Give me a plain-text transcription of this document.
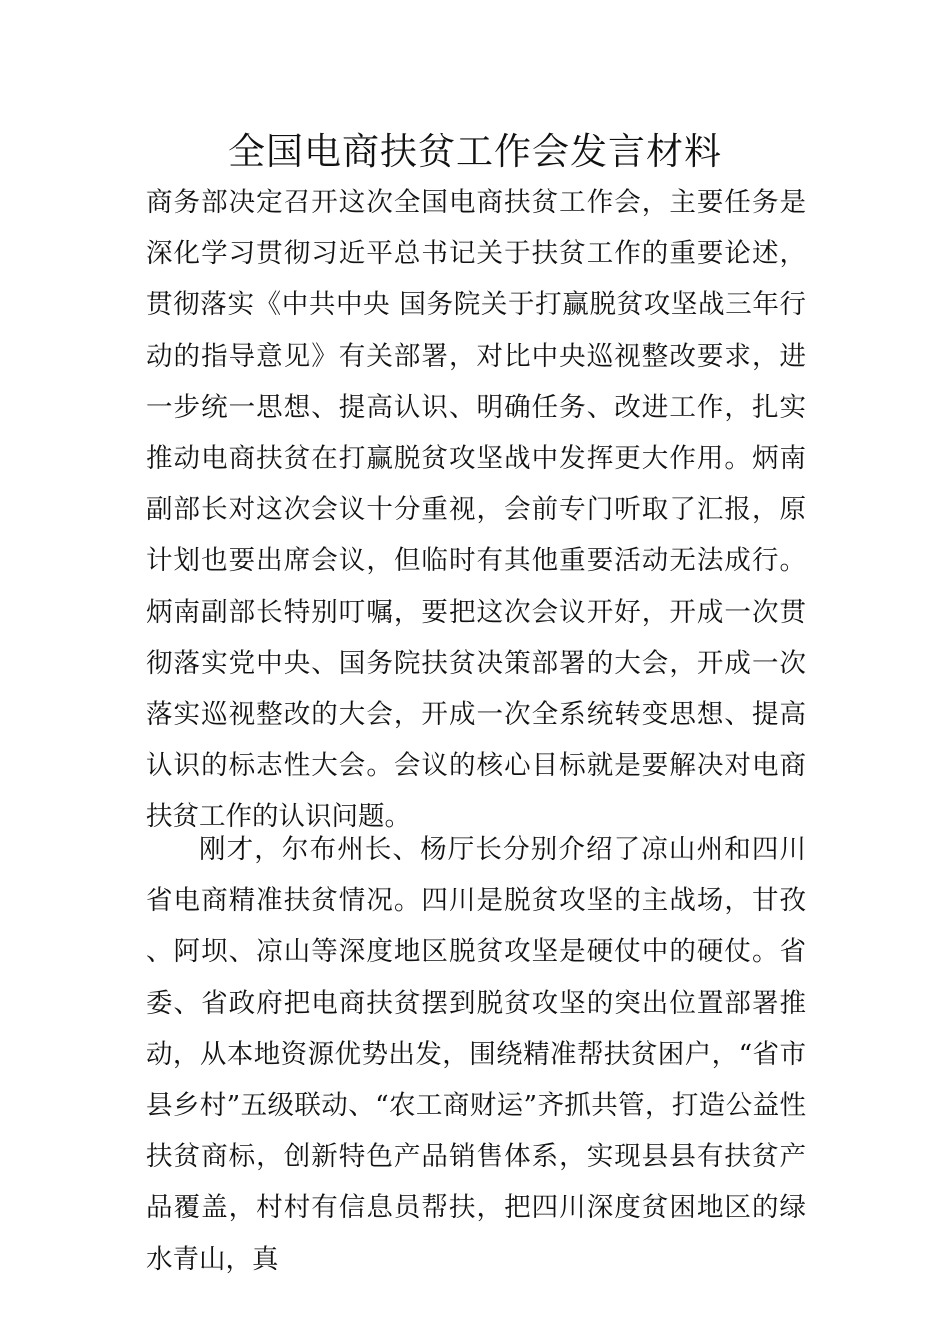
全国电商扶贫工作会发言材料

商务部决定召开这次全国电商扶贫工作会，主要任务是深化学习贯彻习近平总书记关于扶贫工作的重要论述，贯彻落实《中共中央 国务院关于打赢脱贫攻坚战三年行动的指导意见》有关部署，对比中央巡视整改要求，进一步统一思想、提高认识、明确任务、改进工作，扎实推动电商扶贫在打赢脱贫攻坚战中发挥更大作用。炳南副部长对这次会议十分重视，会前专门听取了汇报，原计划也要出席会议，但临时有其他重要活动无法成行。炳南副部长特别叮嘱，要把这次会议开好，开成一次贯彻落实党中央、国务院扶贫决策部署的大会，开成一次落实巡视整改的大会，开成一次全系统转变思想、提高认识的标志性大会。会议的核心目标就是要解决对电商扶贫工作的认识问题。

刚才，尔布州长、杨厅长分别介绍了凉山州和四川省电商精准扶贫情况。四川是脱贫攻坚的主战场，甘孜、阿坝、凉山等深度地区脱贫攻坚是硬仗中的硬仗。省委、省政府把电商扶贫摆到脱贫攻坚的突出位置部署推动，从本地资源优势出发，围绕精准帮扶贫困户，“省市县乡村”五级联动、“农工商财运”齐抓共管，打造公益性扶贫商标，创新特色产品销售体系，实现县县有扶贫产品覆盖，村村有信息员帮扶，把四川深度贫困地区的绿水青山，真
